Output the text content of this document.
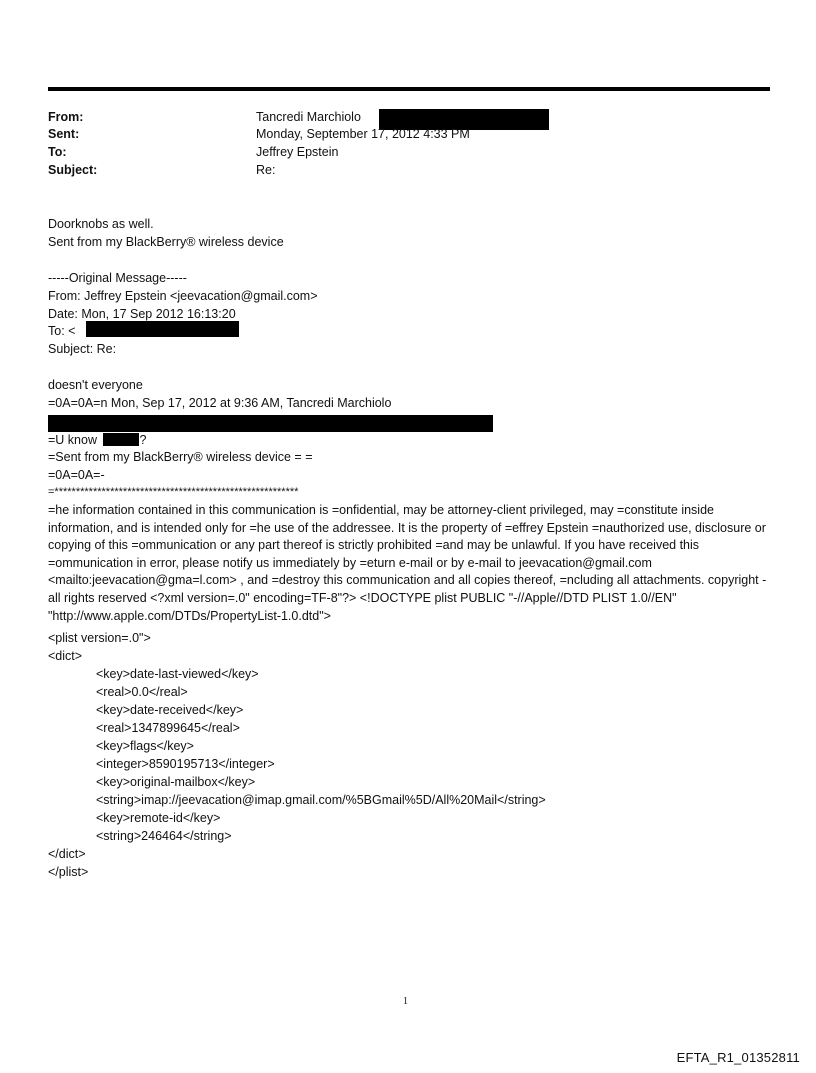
From:	Tancredi Marchiolo
Sent:	Monday, September 17, 2012 4:33 PM
To:	Jeffrey Epstein
Subject:	Re:
Doorknobs as well.
Sent from my BlackBerry® wireless device
-----Original Message-----
From: Jeffrey Epstein <jeevacation@gmail.com>
Date: Mon, 17 Sep 2012 16:13:20
To: <
Subject: Re:
doesn't everyone
=0A=0A=n Mon, Sep 17, 2012 at 9:36 AM, Tancredi Marchiolo
=U know	?
=Sent from my BlackBerry® wireless device = =
=0A=0A=-
=*********************************************************
=he information contained in this communication is =onfidential, may be attorney-client privileged, may =constitute inside information, and is intended only for =he use of the addressee. It is the property of =effrey Epstein =nauthorized use, disclosure or copying of this =ommunication or any part thereof is strictly prohibited =and may be unlawful. If you have received this =ommunication in error, please notify us immediately by =eturn e-mail or by e-mail to jeevacation@gmail.com <mailto:jeevacation@gma=l.com> , and =destroy this communication and all copies thereof, =ncluding all attachments. copyright -all rights reserved <?xml version=.0" encoding=TF-8"?> <!DOCTYPE plist PUBLIC "-//Apple//DTD PLIST 1.0//EN" "http://www.apple.com/DTDs/PropertyList-1.0.dtd">
<plist version=.0">
<dict>
<key>date-last-viewed</key>
<real>0.0</real>
<key>date-received</key>
<real>1347899645</real>
<key>flags</key>
<integer>8590195713</integer>
<key>original-mailbox</key>
<string>imap://jeevacation@imap.gmail.com/%5BGmail%5D/All%20Mail</string>
<key>remote-id</key>
<string>246464</string>
</dict>
</plist>
1
EFTA_R1_01352811
